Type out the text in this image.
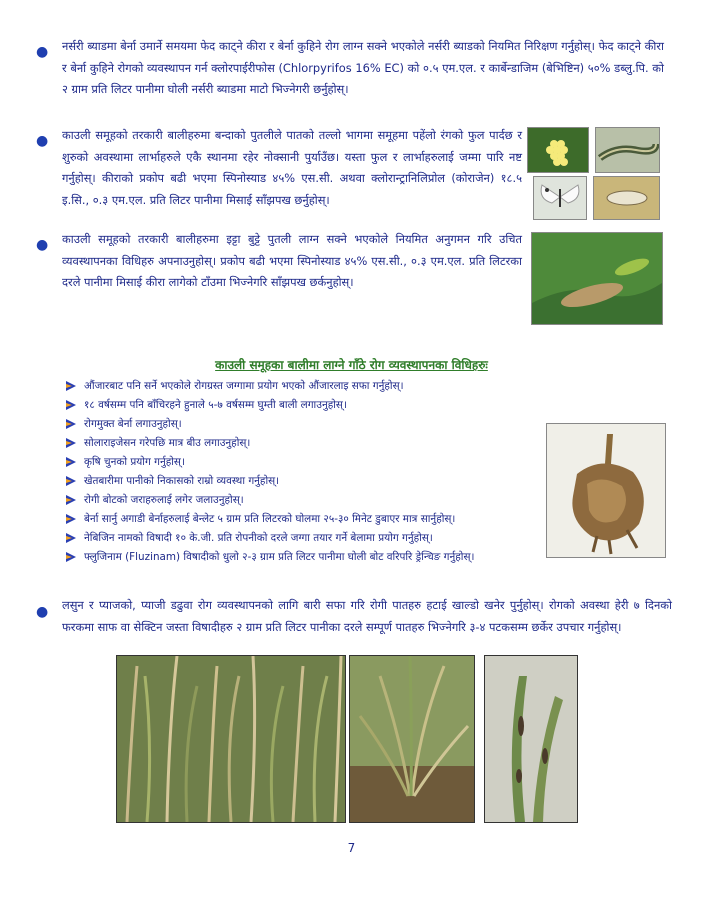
● नर्सरी ब्याडमा बेर्ना उमार्ने समयमा फेद काट्ने कीरा र बेर्ना कुहिने रोग लाग्न सक्ने भएकोले नर्सरी ब्याडको नियमित निरिक्षण गर्नुहोस्। फेद काट्ने कीरा र बेर्ना कुहिने रोगको व्यवस्थापन गर्न क्लोरपाईरीफोस (Chlorpyrifos 16% EC) को ०.५ एम.एल. र कार्बेन्डाजिम (बेभिष्टिन) ५०% डब्लु.पि. को २ ग्राम प्रति लिटर पानीमा घोली नर्सरी ब्याडमा माटो भिज्नेगरी छर्नुहोस्।

● काउली समूहको तरकारी बालीहरुमा बन्दाको पुतलीले पातको तल्लो भागमा समूहमा पहेंलो रंगको फुल पार्दछ र शुरुको अवस्थामा लार्भाहरुले एकै स्थानमा रहेर नोक्सानी पुर्याउँछ। यस्ता फुल र लार्भाहरुलाई जम्मा पारि नष्ट गर्नुहोस्। कीराको प्रकोप बढी भएमा स्पिनोस्याड ४५% एस.सी. अथवा क्लोरान्ट्रानिलिप्रोल (कोराजेन) १८.५ इ.सि., ०.३ एम.एल. प्रति लिटर पानीमा मिसाई साँझपख छर्नुहोस्।

● काउली समूहको तरकारी बालीहरुमा इट्टा बुट्टे पुतली लाग्न सक्ने भएकोले नियमित अनुगमन गरि उचित व्यवस्थापनका विधिहरु अपनाउनुहोस्। प्रकोप बढी भएमा स्पिनोस्याड ४५% एस.सी., ०.३ एम.एल. प्रति लिटरका दरले पानीमा मिसाई कीरा लागेको टाँउमा भिज्नेगरि साँझपख छर्कनुहोस्।

काउली समूहका बालीमा लाग्ने गाँठे रोग व्यवस्थापनका विधिहरुः
औंजारबाट पनि सर्ने भएकोले रोगग्रस्त जग्गामा प्रयोग भएको औंजारलाइ सफा गर्नुहोस्।
१८ वर्षसम्म पनि बाँचिरहने हुनाले ५-७ वर्षसम्म घुम्ती बाली लगाउनुहोस्।
रोगमुक्त बेर्ना लगाउनुहोस्।
सोलाराइजेसन गरेपछि मात्र बीउ लगाउनुहोस्।
कृषि चुनको प्रयोग गर्नुहोस्।
खेतबारीमा पानीको निकासको राम्रो व्यवस्था गर्नुहोस्।
रोगी बोटको जराहरुलाई लगेर जलाउनुहोस्।
बेर्ना सार्नु अगाडी बेर्नाहरुलाई बेन्लेट ५ ग्राम प्रति लिटरको घोलमा २५-३० मिनेट डुबाएर मात्र सार्नुहोस्।
नेबिजिन नामको विषादी १० के.जी. प्रति रोपनीको दरले जग्गा तयार गर्ने बेलामा प्रयोग गर्नुहोस्।
फ्लुजिनाम (Fluzinam) विषादीको धुलो २-३ ग्राम प्रति लिटर पानीमा घोली बोट वरिपरि ड्रेन्चिङ गर्नुहोस्।
● लसुन र प्याजको, प्याजी डढुवा रोग व्यवस्थापनको लागि बारी सफा गरि रोगी पातहरु हटाई खाल्डो खनेर पुर्नुहोस्। रोगको अवस्था हेरी ७ दिनको फरकमा साफ वा सेक्टिन जस्ता विषादीहरु २ ग्राम प्रति लिटर पानीका दरले सम्पूर्ण पातहरु भिज्नेगरि ३-४ पटकसम्म छर्केर उपचार गर्नुहोस्।

7
